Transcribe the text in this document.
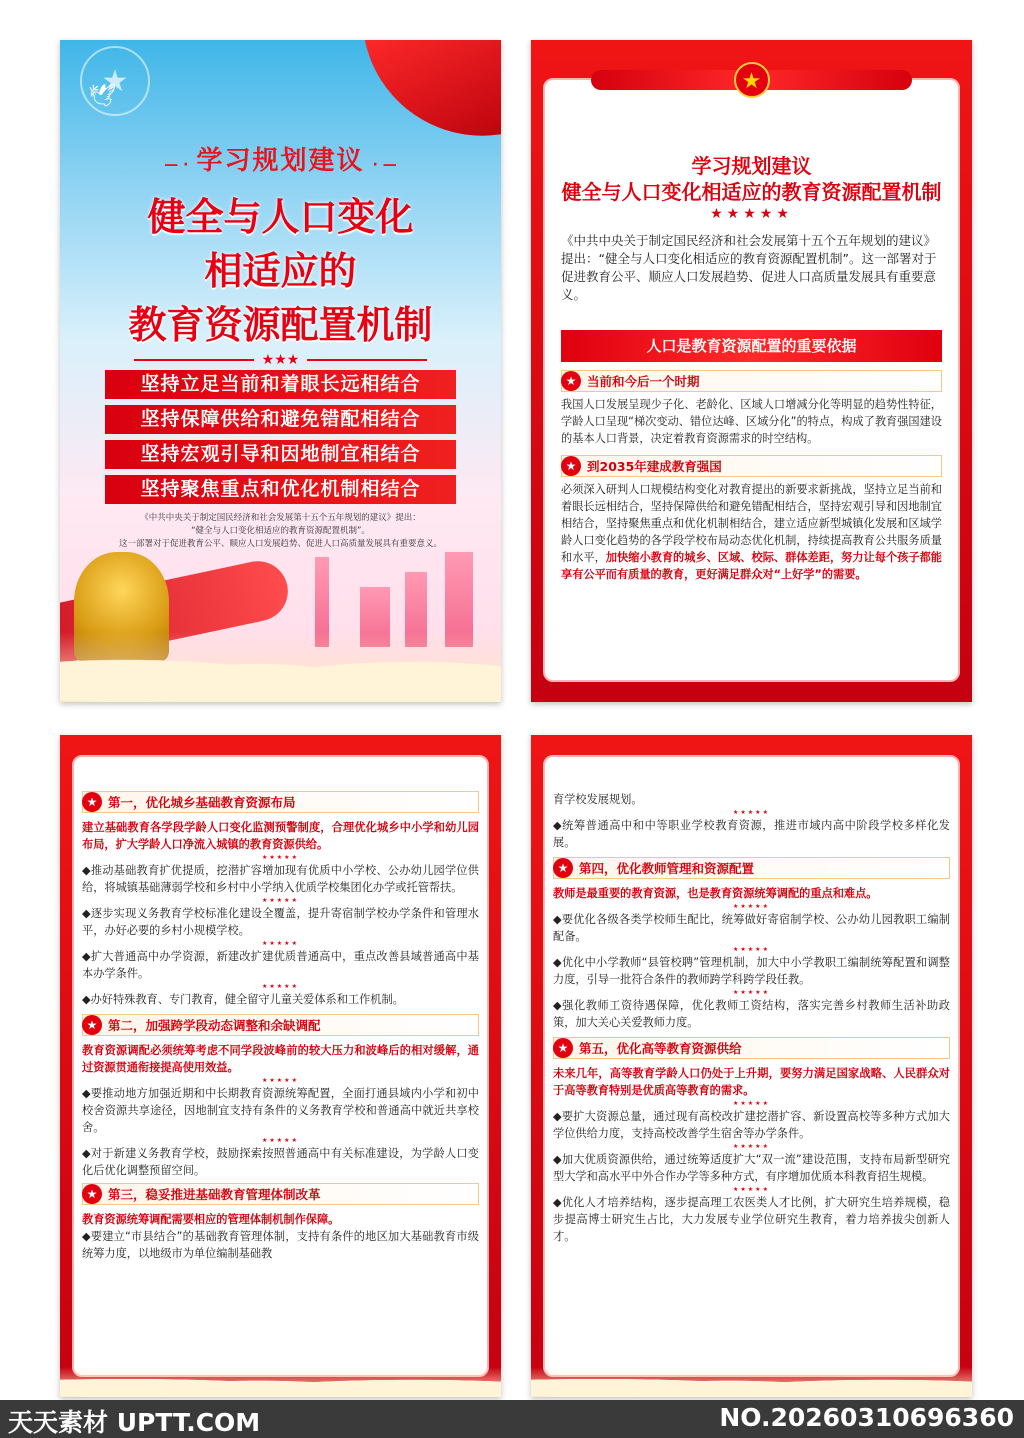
★
🕊
— · 学习规划建议 · —
健全与人口变化
相适应的
教育资源配置机制
★★★
坚持立足当前和着眼长远相结合
坚持保障供给和避免错配相结合
坚持宏观引导和因地制宜相结合
坚持聚焦重点和优化机制相结合
《中共中央关于制定国民经济和社会发展第十五个五年规划的建议》提出：
“健全与人口变化相适应的教育资源配置机制”。
这一部署对于促进教育公平、顺应人口发展趋势、促进人口高质量发展具有重要意义。
★
学习规划建议
健全与人口变化相适应的教育资源配置机制
★★★★★
《中共中央关于制定国民经济和社会发展第十五个五年规划的建议》提出：“健全与人口变化相适应的教育资源配置机制”。这一部署对于促进教育公平、顺应人口发展趋势、促进人口高质量发展具有重要意义。
人口是教育资源配置的重要依据
★ 当前和今后一个时期
我国人口发展呈现少子化、老龄化、区域人口增减分化等明显的趋势性特征，学龄人口呈现“梯次变动、错位达峰、区域分化”的特点，构成了教育强国建设的基本人口背景，决定着教育资源需求的时空结构。
★ 到2035年建成教育强国
必须深入研判人口规模结构变化对教育提出的新要求新挑战，坚持立足当前和着眼长远相结合，坚持保障供给和避免错配相结合，坚持宏观引导和因地制宜相结合，坚持聚焦重点和优化机制相结合，建立适应新型城镇化发展和区域学龄人口变化趋势的各学段学校布局动态优化机制，持续提高教育公共服务质量和水平，加快缩小教育的城乡、区域、校际、群体差距，努力让每个孩子都能享有公平而有质量的教育，更好满足群众对“上好学”的需要。
★ 第一，优化城乡基础教育资源布局
建立基础教育各学段学龄人口变化监测预警制度，合理优化城乡中小学和幼儿园布局，扩大学龄人口净流入城镇的教育资源供给。
★★★★★
◆推动基础教育扩优提质，挖潜扩容增加现有优质中小学校、公办幼儿园学位供给，将城镇基础薄弱学校和乡村中小学纳入优质学校集团化办学或托管帮扶。
★★★★★
◆逐步实现义务教育学校标准化建设全覆盖，提升寄宿制学校办学条件和管理水平，办好必要的乡村小规模学校。
★★★★★
◆扩大普通高中办学资源，新建改扩建优质普通高中，重点改善县域普通高中基本办学条件。
★★★★★
◆办好特殊教育、专门教育，健全留守儿童关爱体系和工作机制。
★ 第二，加强跨学段动态调整和余缺调配
教育资源调配必须统筹考虑不同学段波峰前的较大压力和波峰后的相对缓解，通过资源贯通衔接提高使用效益。
★★★★★
◆要推动地方加强近期和中长期教育资源统筹配置，全面打通县域内小学和初中校舍资源共享途径，因地制宜支持有条件的义务教育学校和普通高中就近共享校舍。
★★★★★
◆对于新建义务教育学校，鼓励探索按照普通高中有关标准建设，为学龄人口变化后优化调整预留空间。
★ 第三，稳妥推进基础教育管理体制改革
教育资源统筹调配需要相应的管理体制机制作保障。
◆要建立“市县结合”的基础教育管理体制，支持有条件的地区加大基础教育市级统筹力度，以地级市为单位编制基础教
育学校发展规划。
★★★★★
◆统筹普通高中和中等职业学校教育资源，推进市域内高中阶段学校多样化发展。
★ 第四，优化教师管理和资源配置
教师是最重要的教育资源，也是教育资源统筹调配的重点和难点。
★★★★★
◆要优化各级各类学校师生配比，统筹做好寄宿制学校、公办幼儿园教职工编制配备。
★★★★★
◆优化中小学教师“县管校聘”管理机制，加大中小学教职工编制统筹配置和调整力度，引导一批符合条件的教师跨学科跨学段任教。
★★★★★
◆强化教师工资待遇保障，优化教师工资结构，落实完善乡村教师生活补助政策，加大关心关爱教师力度。
★ 第五，优化高等教育资源供给
未来几年，高等教育学龄人口仍处于上升期，要努力满足国家战略、人民群众对于高等教育特别是优质高等教育的需求。
★★★★★
◆要扩大资源总量，通过现有高校改扩建挖潜扩容、新设置高校等多种方式加大学位供给力度，支持高校改善学生宿舍等办学条件。
★★★★★
◆加大优质资源供给，通过统筹适度扩大“双一流”建设范围，支持布局新型研究型大学和高水平中外合作办学等多种方式，有序增加优质本科教育招生规模。
★★★★★
◆优化人才培养结构，逐步提高理工农医类人才比例，扩大研究生培养规模，稳步提高博士研究生占比，大力发展专业学位研究生教育，着力培养拔尖创新人才。
天天素材 UPTT.COM	NO.20260310696360
